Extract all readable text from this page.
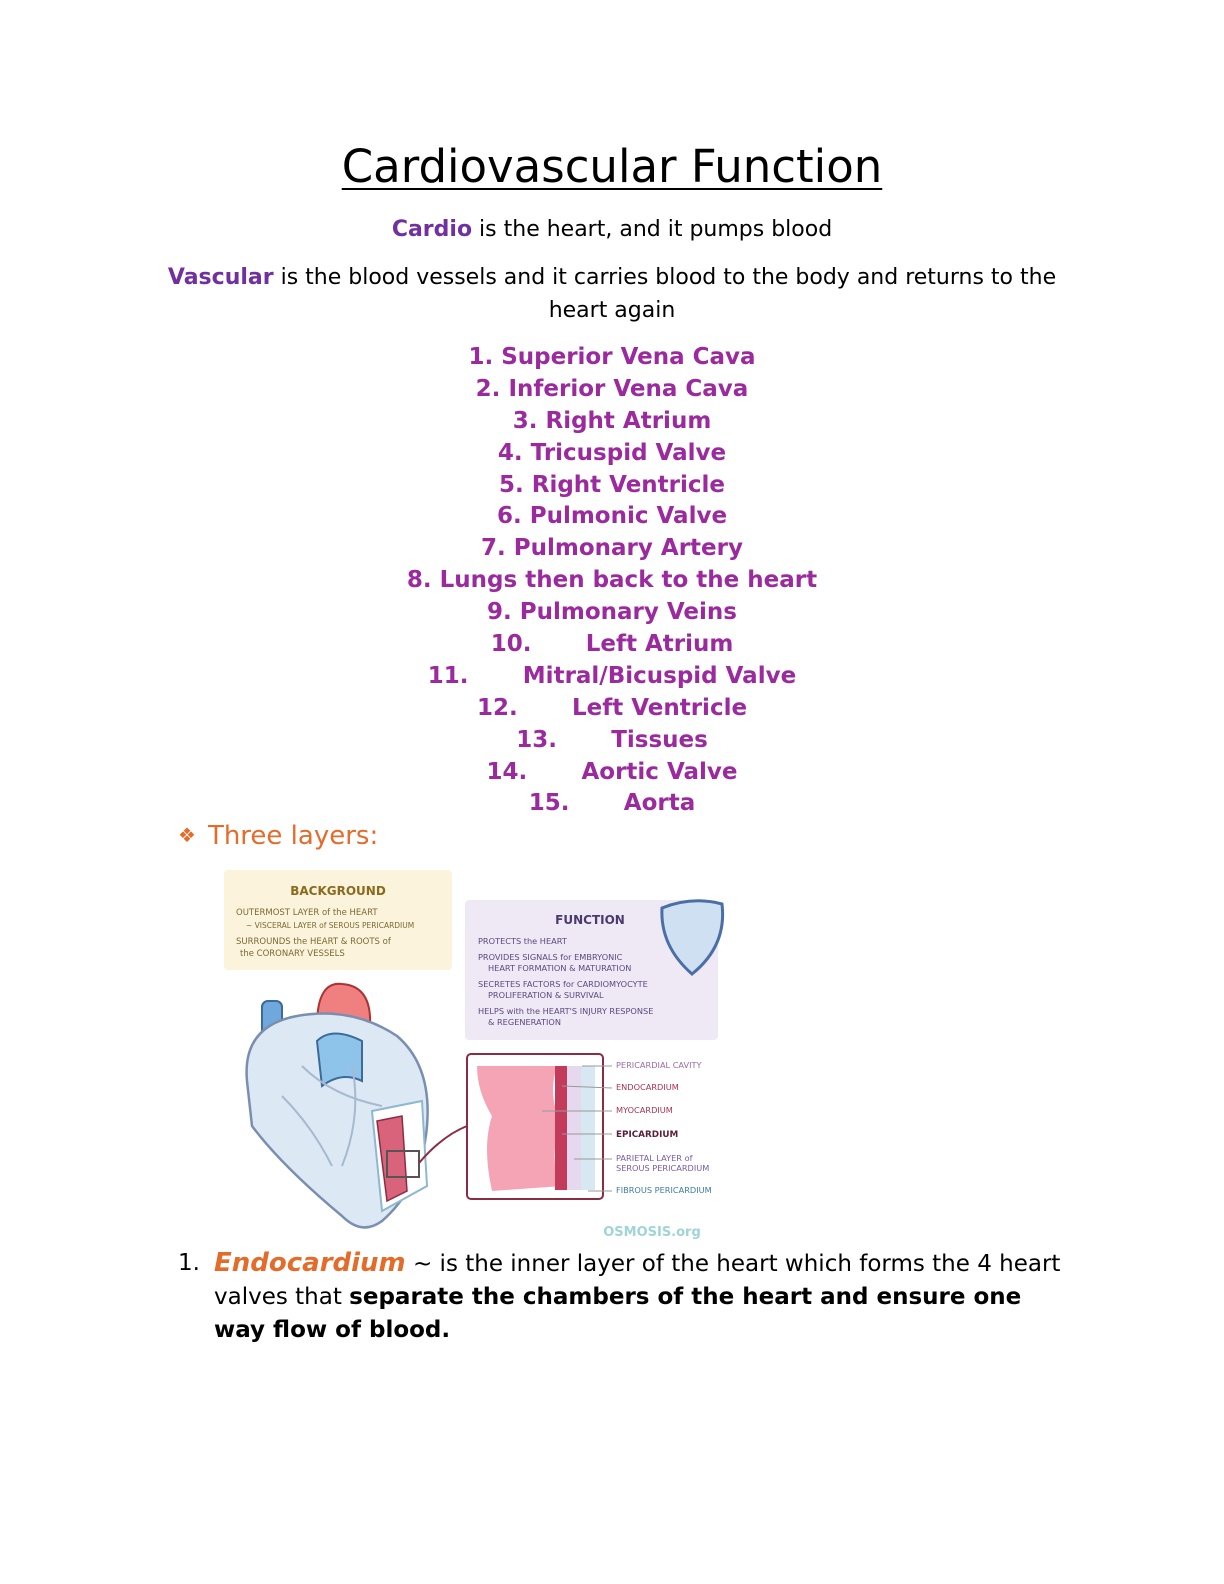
Cardiovascular Function
Cardio is the heart, and it pumps blood
Vascular is the blood vessels and it carries blood to the body and returns to the heart again
1. Superior Vena Cava
2. Inferior Vena Cava
3. Right Atrium
4. Tricuspid Valve
5. Right Ventricle
6. Pulmonic Valve
7. Pulmonary Artery
8. Lungs then back to the heart
9. Pulmonary Veins
10. Left Atrium
11. Mitral/Bicuspid Valve
12. Left Ventricle
13. Tissues
14. Aortic Valve
15. Aorta
❖ Three layers:
BACKGROUND
OUTERMOST LAYER of the HEART
~ VISCERAL LAYER of SEROUS PERICARDIUM
SURROUNDS the HEART & ROOTS of
the CORONARY VESSELS
FUNCTION
PROTECTS the HEART
PROVIDES SIGNALS for EMBRYONIC
HEART FORMATION & MATURATION
SECRETES FACTORS for CARDIOMYOCYTE
PROLIFERATION & SURVIVAL
HELPS with the HEART'S INJURY RESPONSE
& REGENERATION
PERICARDIAL CAVITY
ENDOCARDIUM
MYOCARDIUM
EPICARDIUM
PARIETAL LAYER of
SEROUS PERICARDIUM
FIBROUS PERICARDIUM
OSMOSIS.org
1. Endocardium ~ is the inner layer of the heart which forms the 4 heart valves that separate the chambers of the heart and ensure one way flow of blood.
